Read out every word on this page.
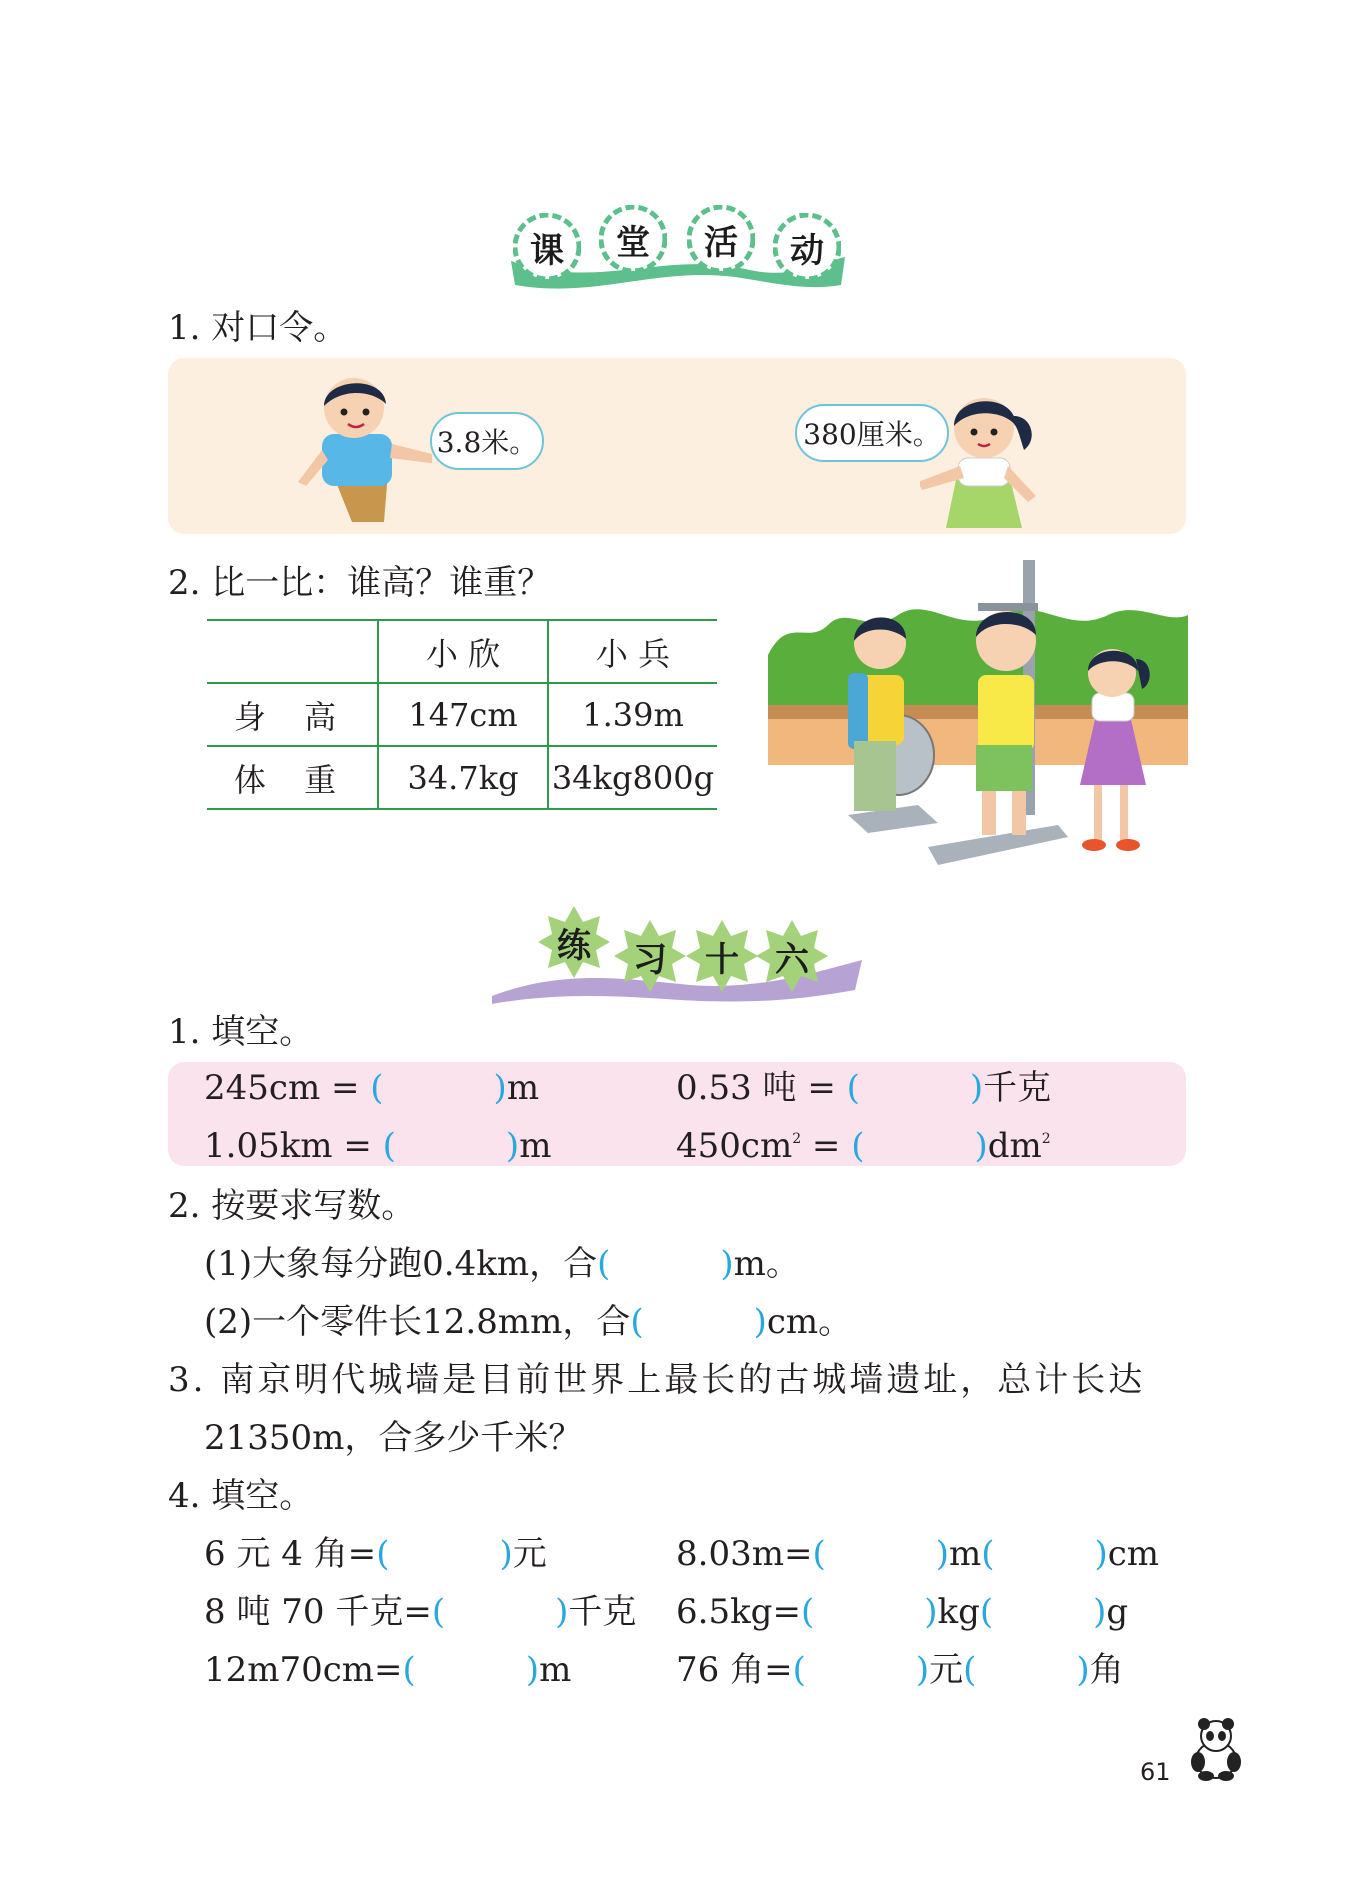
课 堂 活 动
1. 对口令。
3.8米。	380厘米。
2. 比一比：谁高？谁重？
	小 欣	小 兵
身 高	147cm	1.39m
体 重	34.7kg	34kg800g
练 习 十 六
1. 填空。
245cm = (	)m	0.53 吨 = (	)千克
1.05km = (	)m	$450cm^2$ = (	)$dm^2$
2. 按要求写数。
(1)大象每分跑0.4km，合(	)m。
(2)一个零件长12.8mm，合(	)cm。
3. 南京明代城墙是目前世界上最长的古城墙遗址，总计长达
21350m，合多少千米？
4. 填空。
6 元 4 角=(	)元	8.03m=(	)m(	)cm
8 吨 70 千克=(	)千克 6.5kg=(	)kg(	)g
12m70cm=(	)m	76 角=(	)元(	)角
61
